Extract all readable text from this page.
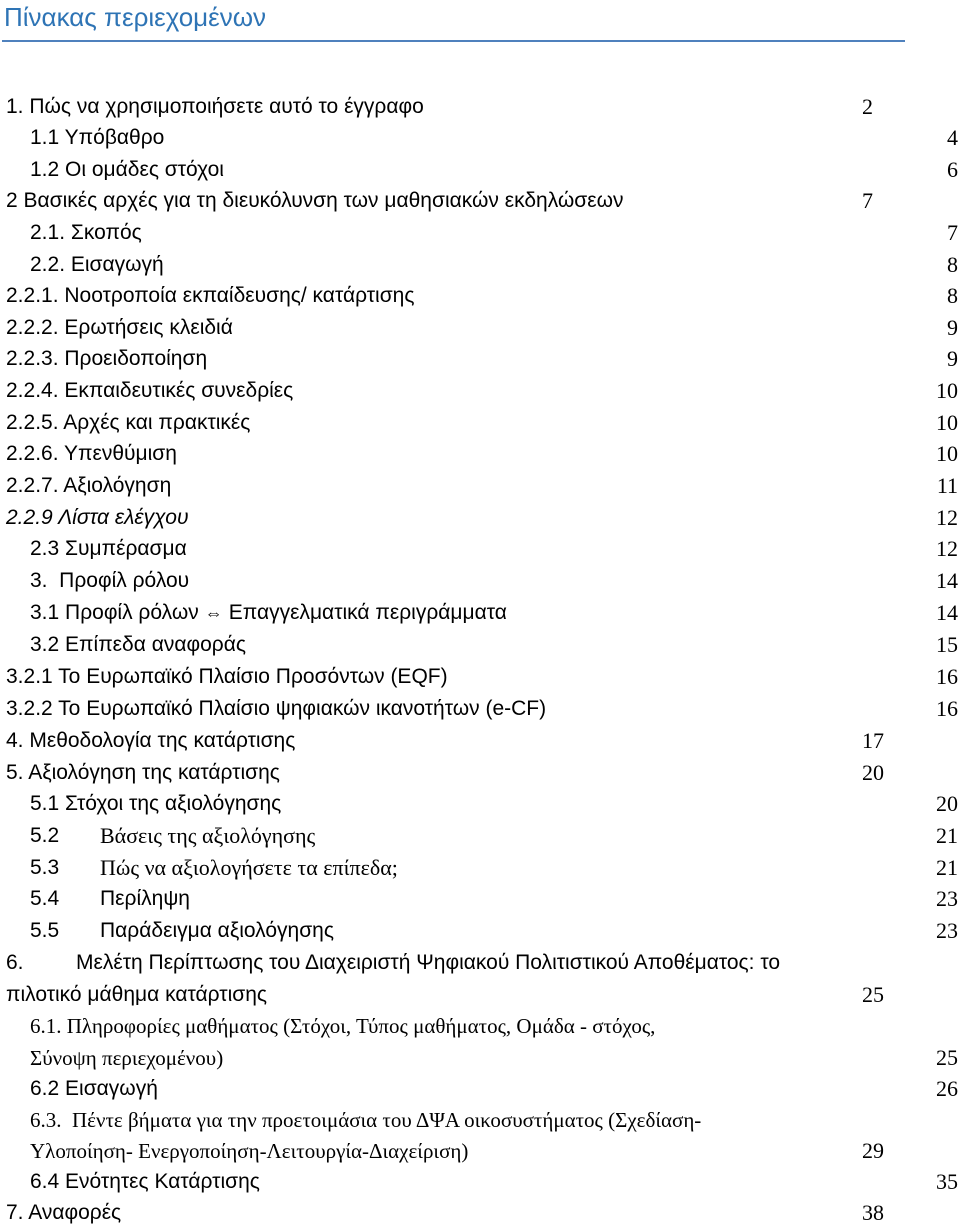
Πίνακας περιεχομένων
1. Πώς να χρησιμοποιήσετε αυτό το έγγραφο	2
1.1 Υπόβαθρο	4
1.2 Οι ομάδες στόχοι	6
2 Βασικές αρχές για τη διευκόλυνση των μαθησιακών εκδηλώσεων	7
2.1. Σκοπός	7
2.2. Εισαγωγή	8
2.2.1. Νοοτροποία εκπαίδευσης/ κατάρτισης	8
2.2.2. Ερωτήσεις κλειδιά	9
2.2.3. Προειδοποίηση	9
2.2.4. Εκπαιδευτικές συνεδρίες	10
2.2.5. Αρχές και πρακτικές	10
2.2.6. Υπενθύμιση	10
2.2.7. Αξιολόγηση	11
2.2.9 Λίστα ελέγχου	12
2.3 Συμπέρασμα	12
3.  Προφίλ ρόλου	14
3.1 Προφίλ ρόλων ⇔ Επαγγελματικά περιγράμματα	14
3.2 Επίπεδα αναφοράς	15
3.2.1 Το Ευρωπαϊκό Πλαίσιο Προσόντων (EQF)	16
3.2.2 Το Ευρωπαϊκό Πλαίσιο ψηφιακών ικανοτήτων (e-CF)	16
4. Μεθοδολογία της κατάρτισης	17
5. Αξιολόγηση της κατάρτισης	20
5.1 Στόχοι της αξιολόγησης	20
5.2 Βάσεις της αξιολόγησης	21
5.3 Πώς να αξιολογήσετε τα επίπεδα;	21
5.4 Περίληψη	23
5.5 Παράδειγμα αξιολόγησης	23
6. Μελέτη Περίπτωσης του Διαχειριστή Ψηφιακού Πολιτιστικού Αποθέματος: το
πιλοτικό μάθημα κατάρτισης	25
6.1. Πληροφορίες μαθήματος (Στόχοι, Τύπος μαθήματος, Ομάδα - στόχος,
Σύνοψη περιεχομένου)	25
6.2 Εισαγωγή	26
6.3.  Πέντε βήματα για την προετοιμάσια του ΔΨΑ οικοσυστήματος (Σχεδίαση-
Υλοποίηση- Ενεργοποίηση-Λειτουργία-Διαχείριση)	29
6.4 Ενότητες Κατάρτισης	35
7. Αναφορές	38
